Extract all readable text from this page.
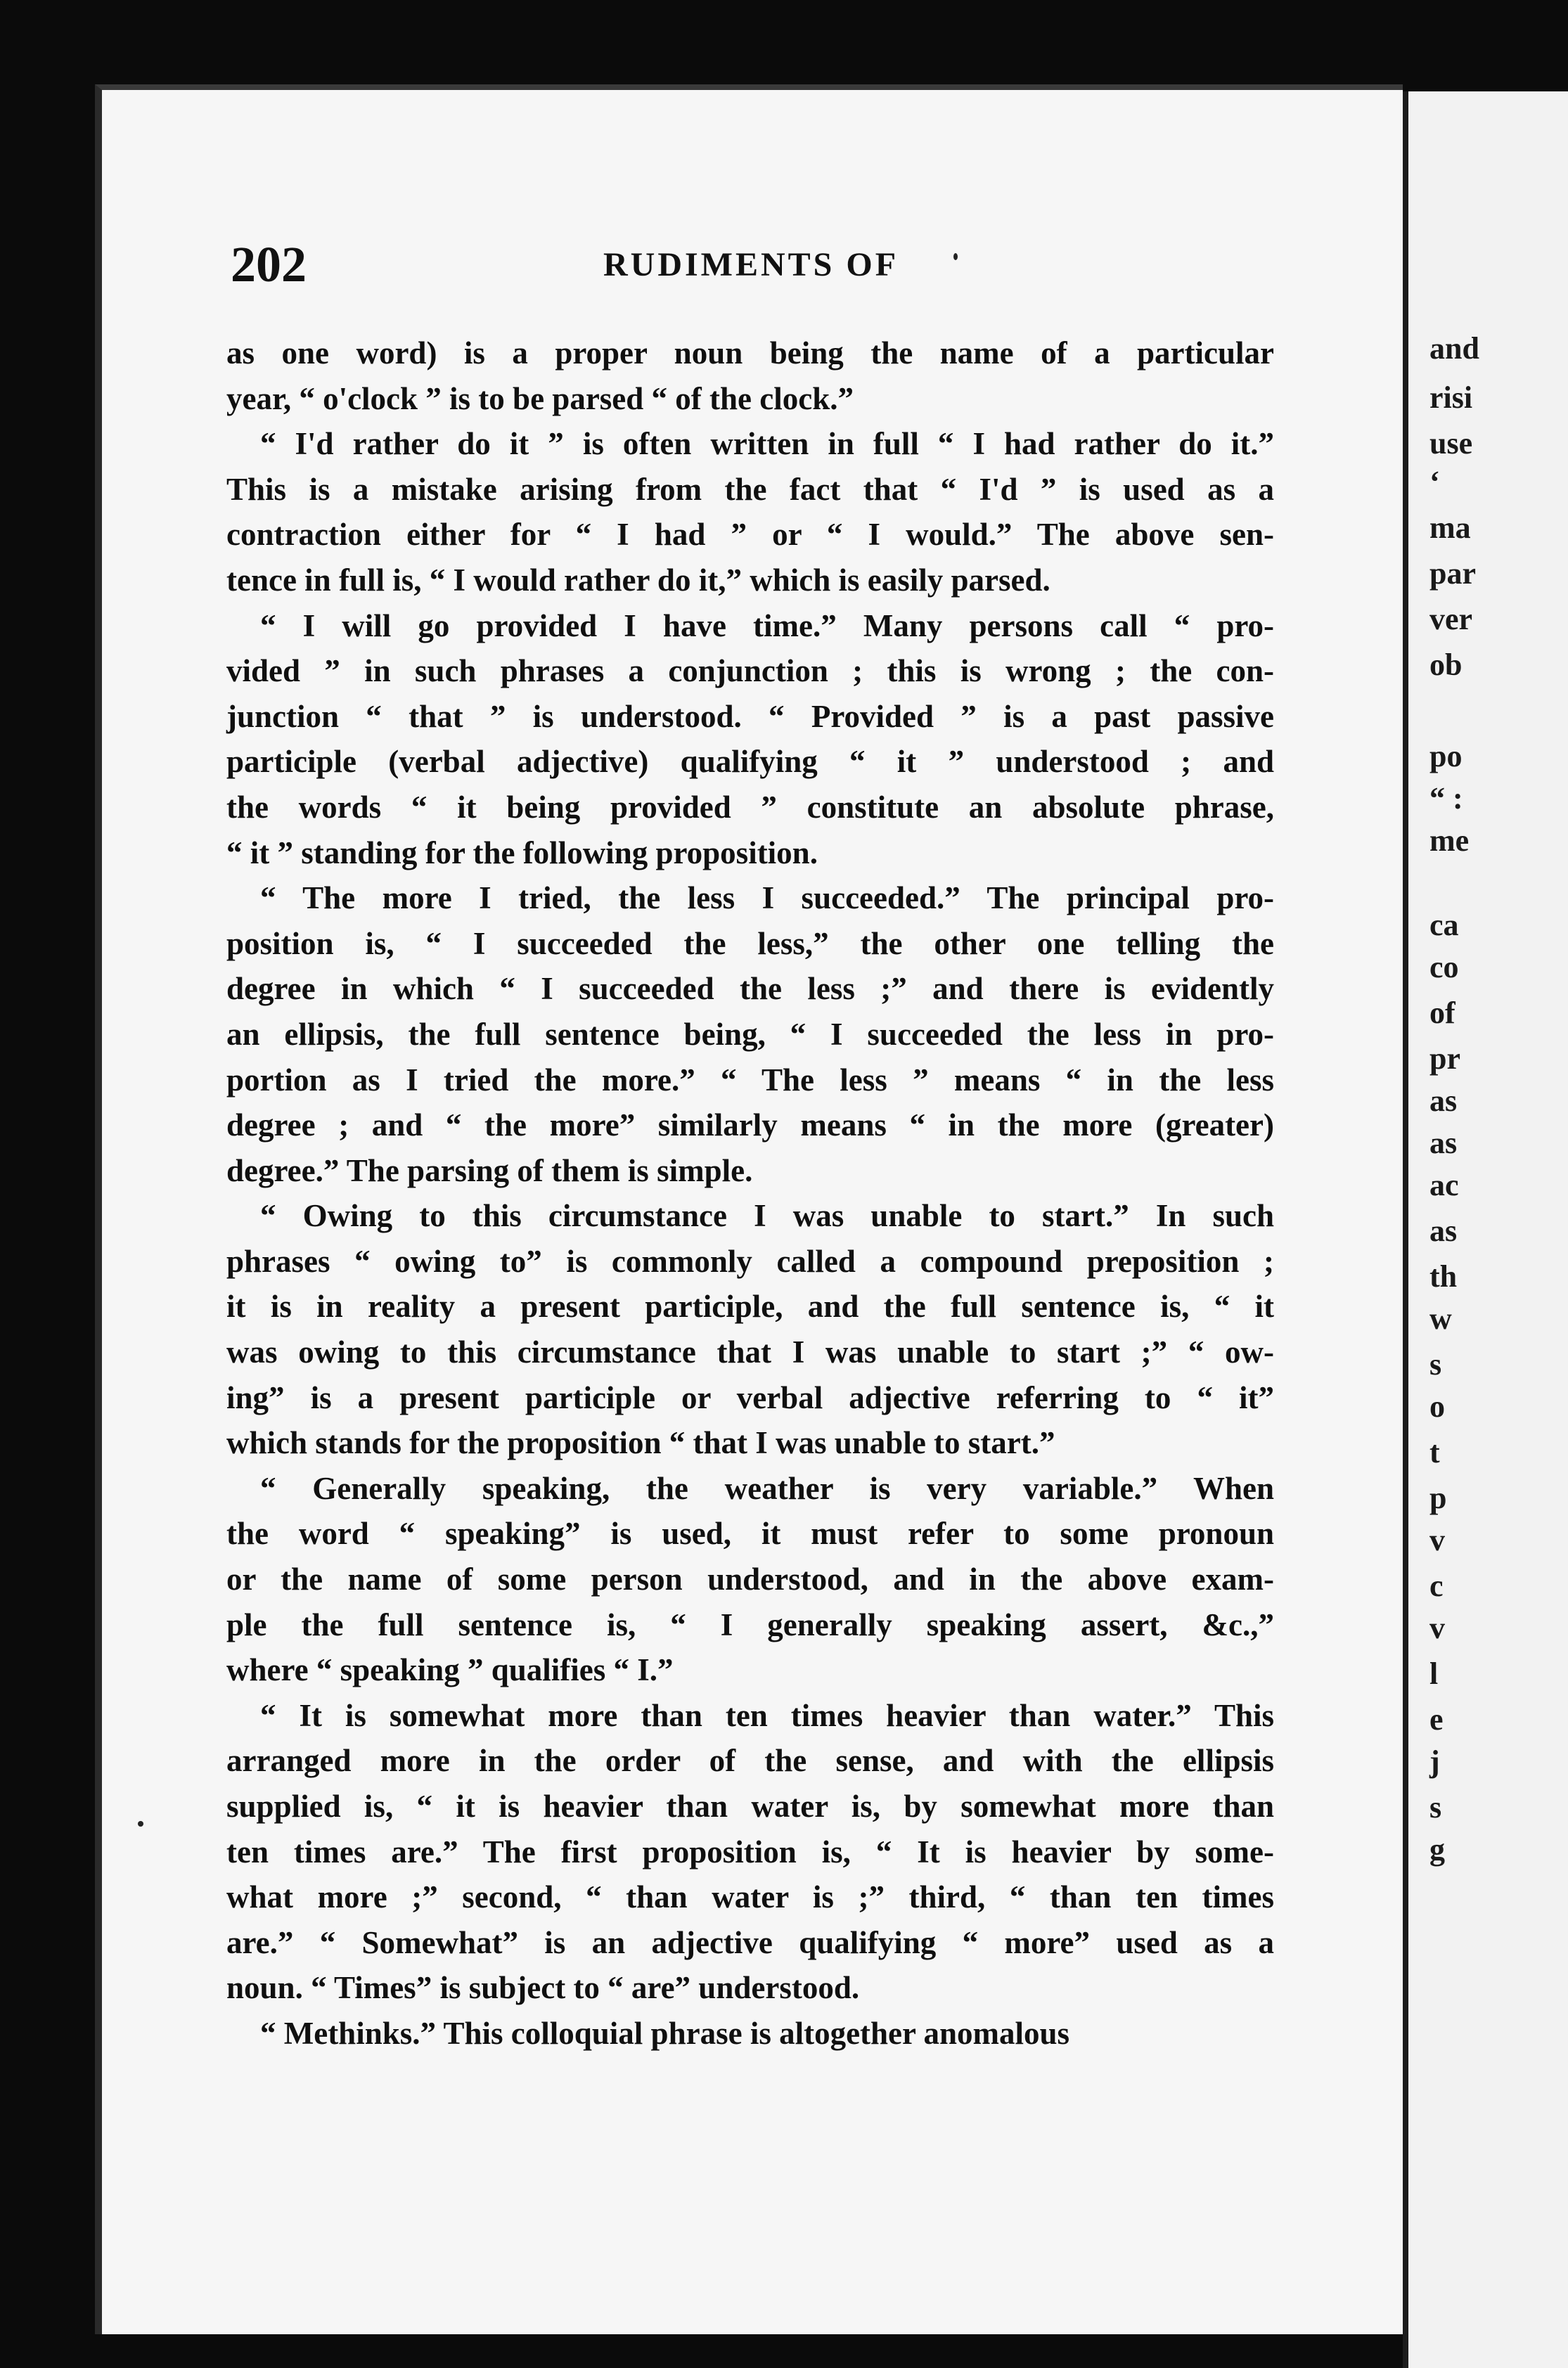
and
risi
use
‘
ma
par
ver
ob
po
“ :
me
ca
co
of
pr
as
as
ac
as
th
w
s
o
t
p
v
c
v
l
e
j
s
g
202	RUDIMENTS OF
as one word) is a proper noun being the name of a particular
year, “ o'clock ” is to be parsed “ of the clock.”
“ I'd rather do it ” is often written in full “ I had rather do it.”
This is a mistake arising from the fact that “ I'd ” is used as a
contraction either for “ I had ” or “ I would.” The above sen-
tence in full is, “ I would rather do it,” which is easily parsed.
“ I will go provided I have time.” Many persons call “ pro-
vided ” in such phrases a conjunction ; this is wrong ; the con-
junction “ that ” is understood. “ Provided ” is a past passive
participle (verbal adjective) qualifying “ it ” understood ; and
the words “ it being provided ” constitute an absolute phrase,
“ it ” standing for the following proposition.
“ The more I tried, the less I succeeded.” The principal pro-
position is, “ I succeeded the less,” the other one telling the
degree in which “ I succeeded the less ;” and there is evidently
an ellipsis, the full sentence being, “ I succeeded the less in pro-
portion as I tried the more.” “ The less ” means “ in the less
degree ; and “ the more” similarly means “ in the more (greater)
degree.” The parsing of them is simple.
“ Owing to this circumstance I was unable to start.” In such
phrases “ owing to” is commonly called a compound preposition ;
it is in reality a present participle, and the full sentence is, “ it
was owing to this circumstance that I was unable to start ;” “ ow-
ing” is a present participle or verbal adjective referring to “ it”
which stands for the proposition “ that I was unable to start.”
“ Generally speaking, the weather is very variable.” When
the word “ speaking” is used, it must refer to some pronoun
or the name of some person understood, and in the above exam-
ple the full sentence is, “ I generally speaking assert, &c.,”
where “ speaking ” qualifies “ I.”
“ It is somewhat more than ten times heavier than water.” This
arranged more in the order of the sense, and with the ellipsis
supplied is, “ it is heavier than water is, by somewhat more than
ten times are.” The first proposition is, “ It is heavier by some-
what more ;” second, “ than water is ;” third, “ than ten times
are.” “ Somewhat” is an adjective qualifying “ more” used as a
noun. “ Times” is subject to “ are” understood.
“ Methinks.” This colloquial phrase is altogether anomalous
